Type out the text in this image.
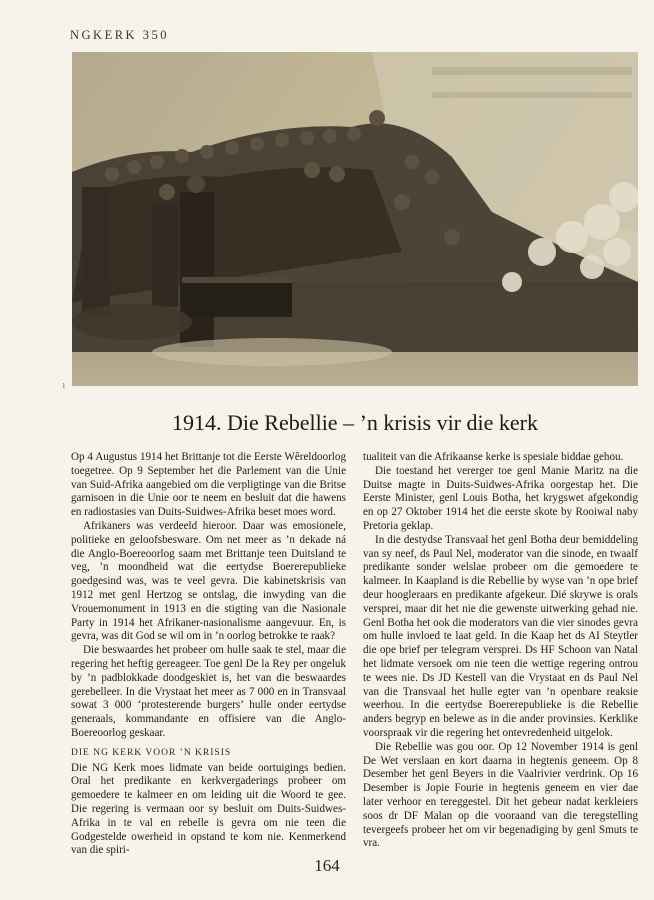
NGKERK 350
1
1914. Die Rebellie – ’n krisis vir die kerk

Op 4 Augustus 1914 het Brittanje tot die Eerste Wêreldoorlog toegetree. Op 9 September het die Parlement van die Unie van Suid-Afrika aangebied om die verpligtinge van die Britse garnisoen in die Unie oor te neem en besluit dat die hawens en radiostasies van Duits-Suidwes-Afrika beset moes word.

Afrikaners was verdeeld hieroor. Daar was emosionele, politieke en geloofsbesware. Om net meer as ’n dekade ná die Anglo-Boereoorlog saam met Brittanje teen Duitsland te veg, ’n moondheid wat die eertydse Boererepublieke goedgesind was, was te veel gevra. Die kabinetskrisis van 1912 met genl Hertzog se ontslag, die inwyding van die Vrouemonument in 1913 en die stigting van die Nasionale Party in 1914 het Afrikaner-nasionalisme aangevuur. En, is gevra, was dit God se wil om in ’n oorlog betrokke te raak?

Die beswaardes het probeer om hulle saak te stel, maar die regering het heftig gereageer. Toe genl De la Rey per ongeluk by ’n padblokkade doodgeskiet is, het van die beswaardes gerebelleer. In die Vrystaat het meer as 7 000 en in Transvaal sowat 3 000 ‘protesterende burgers’ hulle onder eertydse generaals, kommandante en offisiere van die Anglo-Boereoorlog geskaar.

DIE NG KERK VOOR ’N KRISIS

Die NG Kerk moes lidmate van beide oortuigings bedien. Oral het predikante en kerkvergaderings probeer om gemoedere te kalmeer en om leiding uit die Woord te gee. Die regering is vermaan oor sy besluit om Duits-Suidwes-Afrika in te val en rebelle is gevra om nie teen die Godgestelde owerheid in opstand te kom nie. Kenmerkend van die spiri-

tualiteit van die Afrikaanse kerke is spesiale biddae gehou.

Die toestand het vererger toe genl Manie Maritz na die Duitse magte in Duits-Suidwes-Afrika oorgestap het. Die Eerste Minister, genl Louis Botha, het krygswet afgekondig en op 27 Oktober 1914 het die eerste skote by Rooiwal naby Pretoria geklap.

In die destydse Transvaal het genl Botha deur bemiddeling van sy neef, ds Paul Nel, moderator van die sinode, en twaalf predikante sonder welslae probeer om die gemoedere te kalmeer. In Kaapland is die Rebellie by wyse van ’n ope brief deur hoogleraars en predikante afgekeur. Dié skrywe is orals versprei, maar dit het nie die gewenste uitwerking gehad nie. Genl Botha het ook die moderators van die vier sinodes gevra om hulle invloed te laat geld. In die Kaap het ds AI Steytler die ope brief per telegram versprei. Ds HF Schoon van Natal het lidmate versoek om nie teen die wettige regering ontrou te wees nie. Ds JD Kestell van die Vrystaat en ds Paul Nel van die Transvaal het hulle egter van ’n openbare reaksie weerhou. In die eertydse Boererepublieke is die Rebellie anders begryp en belewe as in die ander provinsies. Kerklike voorspraak vir die regering het ontevredenheid uitgelok.

Die Rebellie was gou oor. Op 12 November 1914 is genl De Wet verslaan en kort daarna in hegtenis geneem. Op 8 Desember het genl Beyers in die Vaalrivier verdrink. Op 16 Desember is Jopie Fourie in hegtenis geneem en vier dae later verhoor en tereggestel. Dit het gebeur nadat kerkleiers soos dr DF Malan op die vooraand van die teregstelling tevergeefs probeer het om vir begenadiging by genl Smuts te vra.

164
